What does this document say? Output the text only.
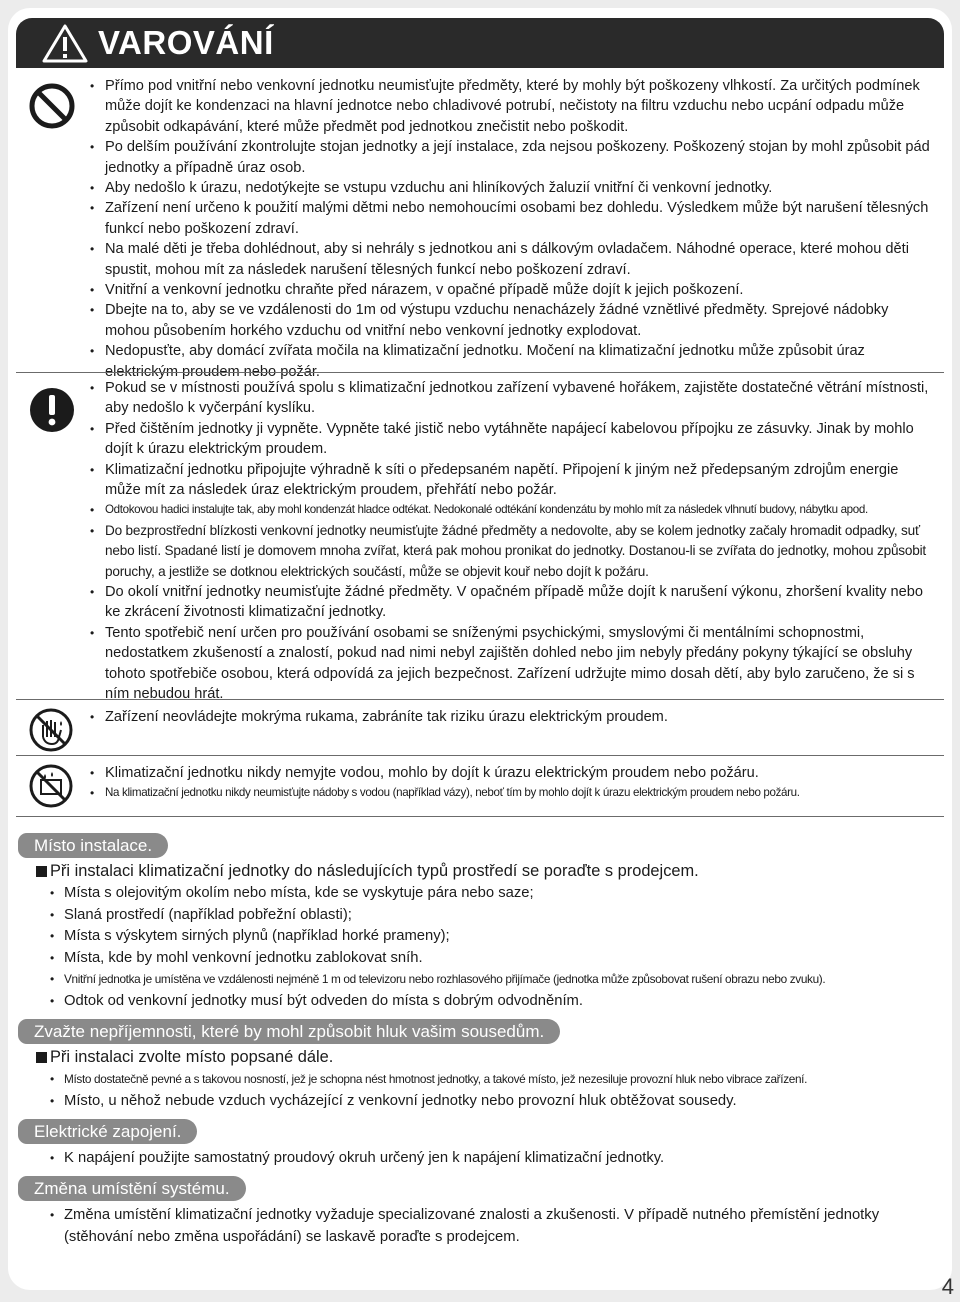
VAROVÁNÍ
• Přímo pod vnitřní nebo venkovní jednotku neumisťujte předměty, které by mohly být poškozeny vlhkostí. Za určitých podmínek může dojít ke kondenzaci na hlavní jednotce nebo chladivové potrubí, nečistoty na filtru vzduchu nebo ucpání odpadu může způsobit odkapávání, které může předmět pod jednotkou znečistit nebo poškodit.
• Po delším používání zkontrolujte stojan jednotky a její instalace, zda nejsou poškozeny. Poškozený stojan by mohl způsobit pád jednotky a případně úraz osob.
• Aby nedošlo k úrazu, nedotýkejte se vstupu vzduchu ani hliníkových žaluzií vnitřní či venkovní jednotky.
• Zařízení není určeno k použití malými dětmi nebo nemohoucími osobami bez dohledu. Výsledkem může být narušení tělesných funkcí nebo poškození zdraví.
• Na malé děti je třeba dohlédnout, aby si nehrály s jednotkou ani s dálkovým ovladačem. Náhodné operace, které mohou děti spustit, mohou mít za následek narušení tělesných funkcí nebo poškození zdraví.
• Vnitřní a venkovní jednotku chraňte před nárazem, v opačné případě může dojít k jejich poškození.
• Dbejte na to, aby se ve vzdálenosti do 1m od výstupu vzduchu nenacházely žádné vznětlivé předměty. Sprejové nádobky mohou působením horkého vzduchu od vnitřní nebo venkovní jednotky explodovat.
• Nedopusťte, aby domácí zvířata močila na klimatizační jednotku. Močení na klimatizační jednotku může způsobit úraz elektrickým proudem nebo požár.
• Pokud se v místnosti používá spolu s klimatizační jednotkou zařízení vybavené hořákem, zajistěte dostatečné větrání místnosti, aby nedošlo k vyčerpání kyslíku.
• Před čištěním jednotky ji vypněte. Vypněte také jistič nebo vytáhněte napájecí kabelovou přípojku ze zásuvky. Jinak by mohlo dojít k úrazu elektrickým proudem.
• Klimatizační jednotku připojujte výhradně k síti o předepsaném napětí. Připojení k jiným než předepsaným zdrojům energie může mít za následek úraz elektrickým proudem, přehřátí nebo požár.
• Odtokovou hadici instalujte tak, aby mohl kondenzát hladce odtékat. Nedokonalé odtékání kondenzátu by mohlo mít za následek vlhnutí budovy, nábytku apod.
• Do bezprostřední blízkosti venkovní jednotky neumisťujte žádné předměty a nedovolte, aby se kolem jednotky začaly hromadit odpadky, suť nebo listí. Spadané listí je domovem mnoha zvířat, která pak mohou pronikat do jednotky. Dostanou-li se zvířata do jednotky, mohou způsobit poruchy, a jestliže se dotknou elektrických součástí, může se objevit kouř nebo dojít k požáru.
• Do okolí vnitřní jednotky neumisťujte žádné předměty. V opačném případě může dojít k narušení výkonu, zhoršení kvality nebo ke zkrácení životnosti klimatizační jednotky.
• Tento spotřebič není určen pro používání osobami se sníženými psychickými, smyslovými či mentálními schopnostmi, nedostatkem zkušeností a znalostí, pokud nad nimi nebyl zajištěn dohled nebo jim nebyly předány pokyny týkající se obsluhy tohoto spotřebiče osobou, která odpovídá za jejich bezpečnost. Zařízení udržujte mimo dosah dětí, aby bylo zaručeno, že si s ním nebudou hrát.
• Zařízení neovládejte mokrýma rukama, zabráníte tak riziku úrazu elektrickým proudem.
• Klimatizační jednotku nikdy nemyjte vodou, mohlo by dojít k úrazu elektrickým proudem nebo požáru.
• Na klimatizační jednotku nikdy neumisťujte nádoby s vodou (například vázy), neboť tím by mohlo dojít k úrazu elektrickým proudem nebo požáru.
Místo instalace.
Při instalaci klimatizační jednotky do následujících typů prostředí se poraďte s prodejcem.
• Místa s olejovitým okolím nebo místa, kde se vyskytuje pára nebo saze;
• Slaná prostředí (například pobřežní oblasti);
• Místa s výskytem sirných plynů (například horké prameny);
• Místa, kde by mohl venkovní jednotku zablokovat sníh.
• Vnitřní jednotka je umístěna ve vzdálenosti nejméně 1 m od televizoru nebo rozhlasového přijímače (jednotka může způsobovat rušení obrazu nebo zvuku).
• Odtok od venkovní jednotky musí být odveden do místa s dobrým odvodněním.
Zvažte nepříjemnosti, které by mohl způsobit hluk vašim sousedům.
Při instalaci zvolte místo popsané dále.
• Místo dostatečně pevné a s takovou nosností, jež je schopna nést hmotnost jednotky, a takové místo, jež nezesiluje provozní hluk nebo vibrace zařízení.
• Místo, u něhož nebude vzduch vycházející z venkovní jednotky nebo provozní hluk obtěžovat sousedy.
Elektrické zapojení.
• K napájení použijte samostatný proudový okruh určený jen k napájení klimatizační jednotky.
Změna umístění systému.
• Změna umístění klimatizační jednotky vyžaduje specializované znalosti a zkušenosti. V případě nutného přemístění jednotky (stěhování nebo změna uspořádání) se laskavě poraďte s prodejcem.
4
